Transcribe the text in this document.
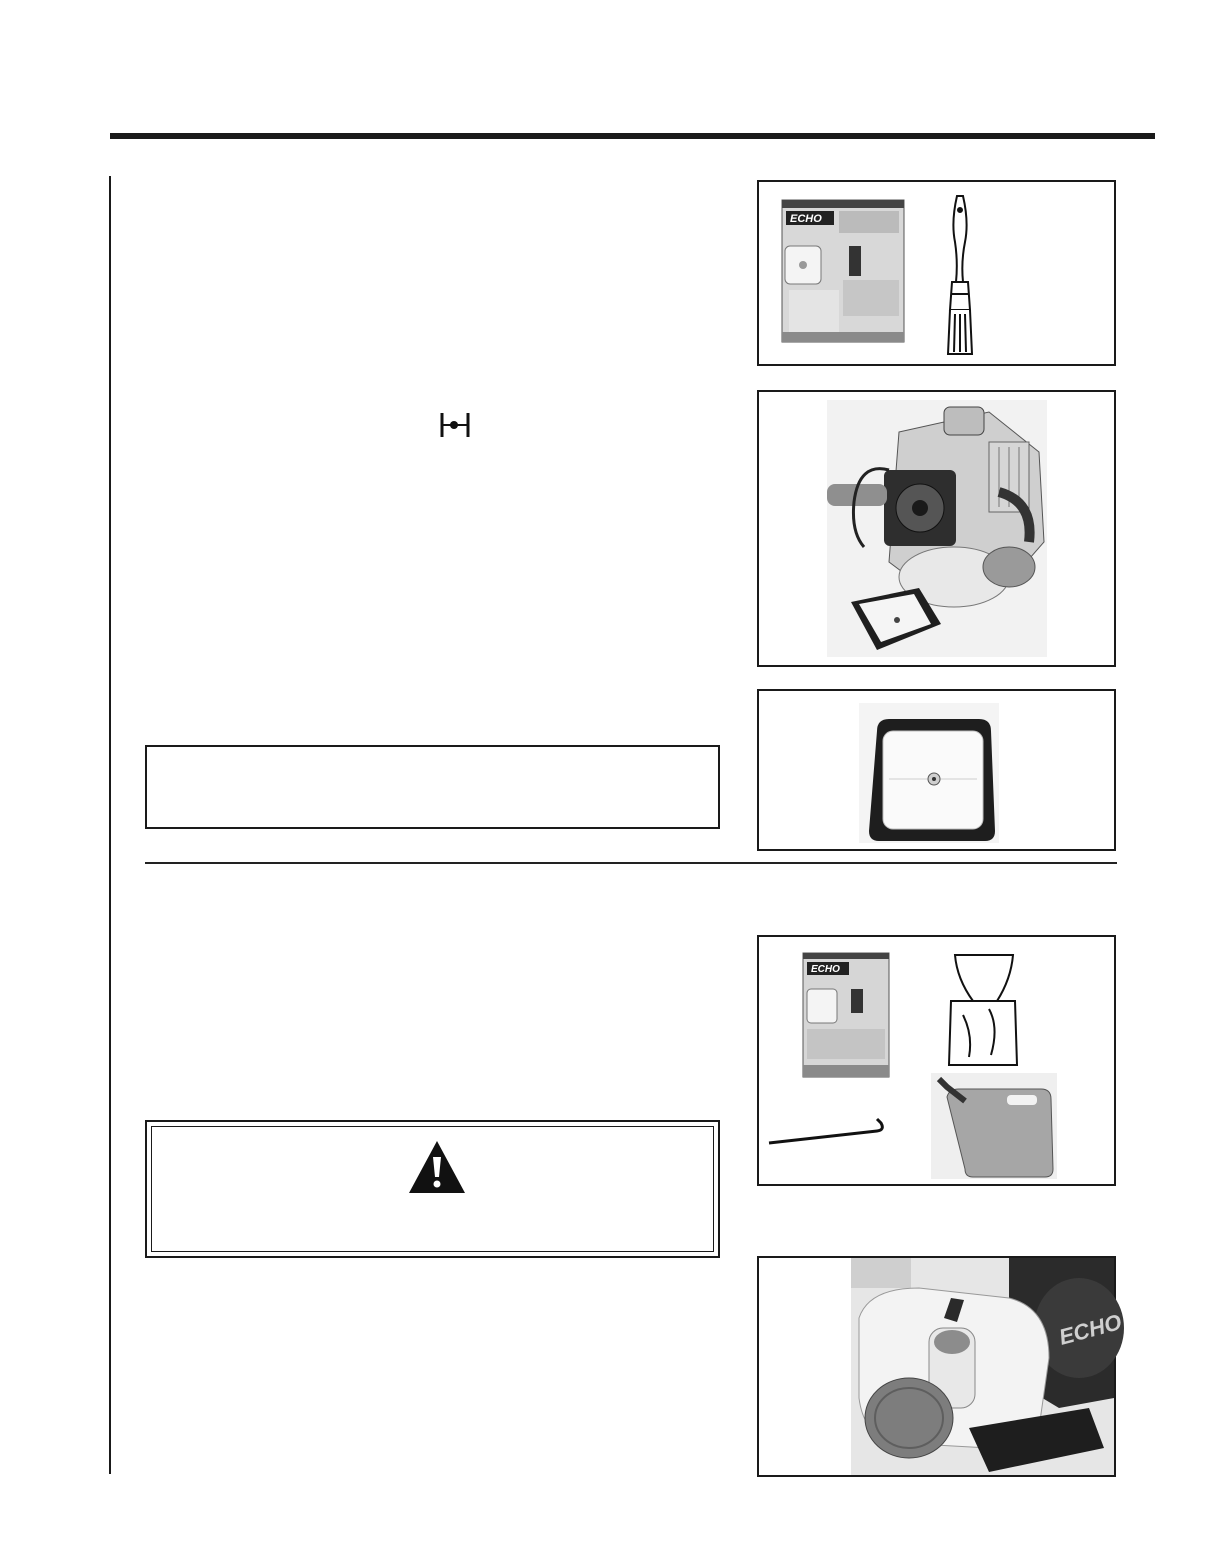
ECHO
ECHO
ECHO
